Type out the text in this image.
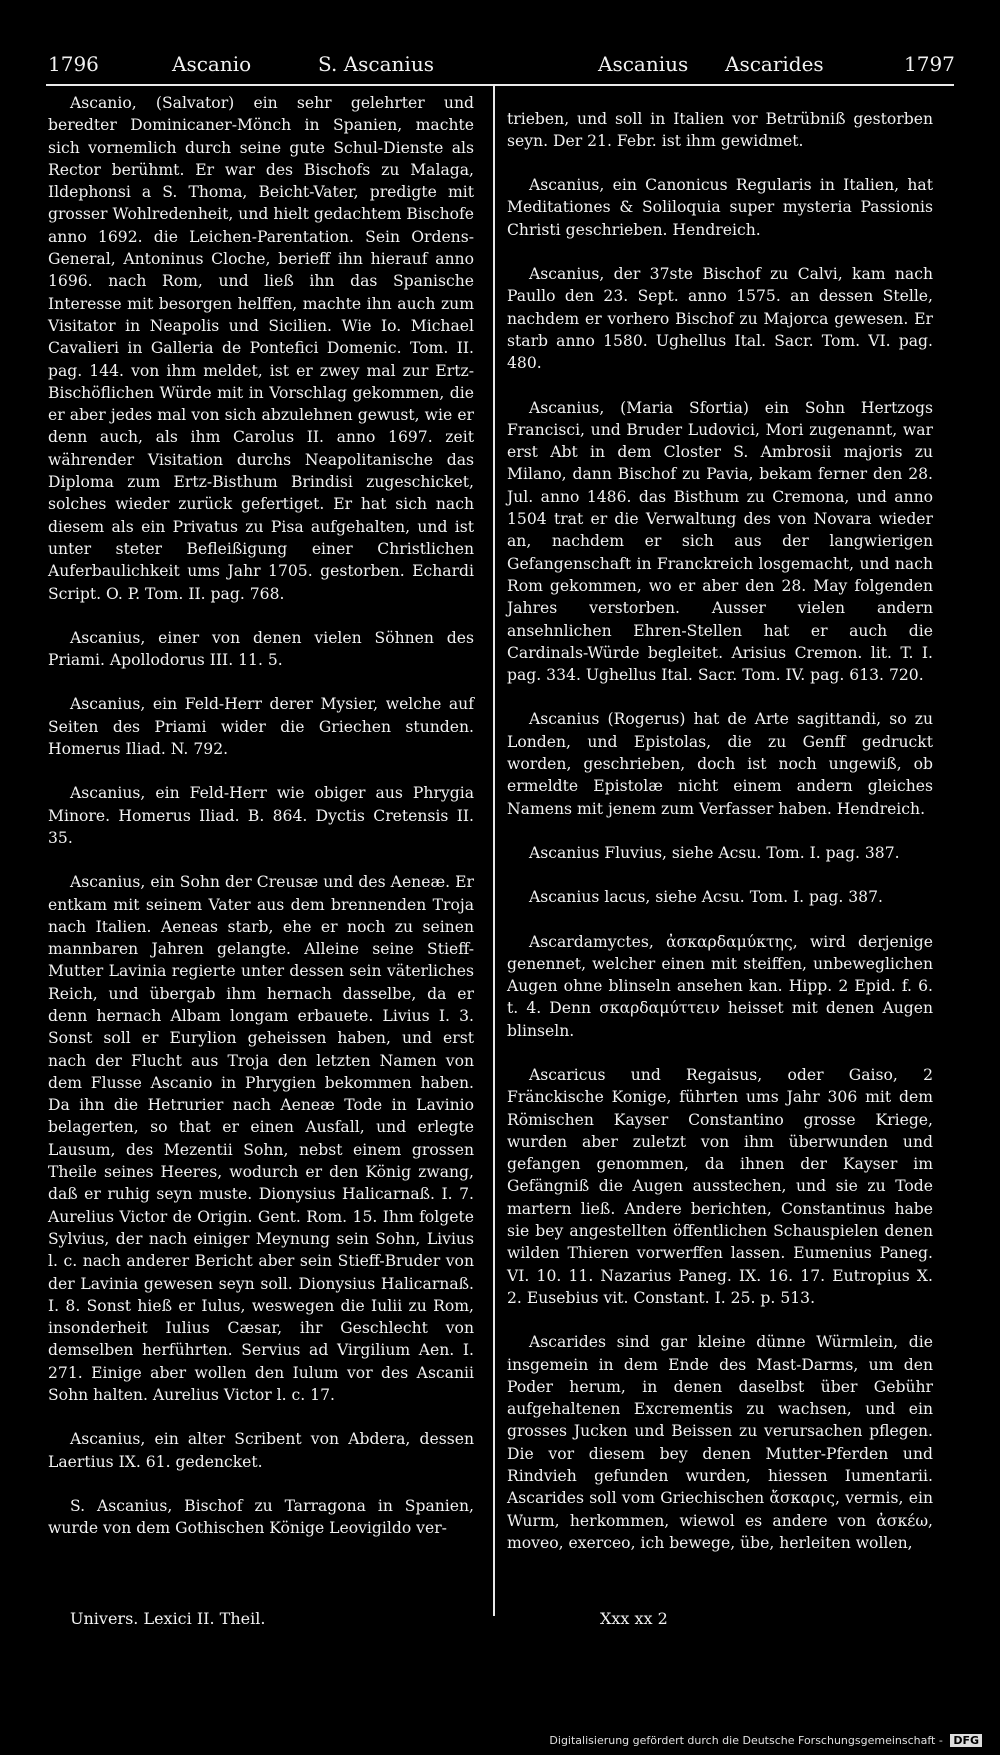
1796	Ascanio	S. Ascanius	Ascanius Ascarides	1797

Ascanio, (Salvator) ein sehr gelehrter und beredter Dominicaner-Mönch in Spanien, machte sich vornemlich durch seine gute Schul-Dienste als Rector berühmt. Er war des Bischofs zu Malaga, Ildephonsi a S. Thoma, Beicht-Vater, predigte mit grosser Wohlredenheit, und hielt gedachtem Bischofe anno 1692. die Leichen-Parentation. Sein Ordens-General, Antoninus Cloche, berieff ihn hierauf anno 1696. nach Rom, und ließ ihn das Spanische Interesse mit besorgen helffen, machte ihn auch zum Visitator in Neapolis und Sicilien. Wie Io. Michael Cavalieri in Galleria de Pontefici Domenic. Tom. II. pag. 144. von ihm meldet, ist er zwey mal zur Ertz-Bischöflichen Würde mit in Vorschlag gekommen, die er aber jedes mal von sich abzulehnen gewust, wie er denn auch, als ihm Carolus II. anno 1697. zeit währender Visitation durchs Neapolitanische das Diploma zum Ertz-Bisthum Brindisi zugeschicket, solches wieder zurück gefertiget. Er hat sich nach diesem als ein Privatus zu Pisa aufgehalten, und ist unter steter Befleißigung einer Christlichen Auferbaulichkeit ums Jahr 1705. gestorben. Echardi Script. O. P. Tom. II. pag. 768.

Ascanius, einer von denen vielen Söhnen des Priami. Apollodorus III. 11. 5.

Ascanius, ein Feld-Herr derer Mysier, welche auf Seiten des Priami wider die Griechen stunden. Homerus Iliad. N. 792.

Ascanius, ein Feld-Herr wie obiger aus Phrygia Minore. Homerus Iliad. B. 864. Dyctis Cretensis II. 35.

Ascanius, ein Sohn der Creusæ und des Aeneæ. Er entkam mit seinem Vater aus dem brennenden Troja nach Italien. Aeneas starb, ehe er noch zu seinen mannbaren Jahren gelangte. Alleine seine Stieff-Mutter Lavinia regierte unter dessen sein väterliches Reich, und übergab ihm hernach dasselbe, da er denn hernach Albam longam erbauete. Livius I. 3. Sonst soll er Eurylion geheissen haben, und erst nach der Flucht aus Troja den letzten Namen von dem Flusse Ascanio in Phrygien bekommen haben. Da ihn die Hetrurier nach Aeneæ Tode in Lavinio belagerten, so that er einen Ausfall, und erlegte Lausum, des Mezentii Sohn, nebst einem grossen Theile seines Heeres, wodurch er den König zwang, daß er ruhig seyn muste. Dionysius Halicarnaß. I. 7. Aurelius Victor de Origin. Gent. Rom. 15. Ihm folgete Sylvius, der nach einiger Meynung sein Sohn, Livius l. c. nach anderer Bericht aber sein Stieff-Bruder von der Lavinia gewesen seyn soll. Dionysius Halicarnaß. I. 8. Sonst hieß er Iulus, weswegen die Iulii zu Rom, insonderheit Iulius Cæsar, ihr Geschlecht von demselben herführten. Servius ad Virgilium Aen. I. 271. Einige aber wollen den Iulum vor des Ascanii Sohn halten. Aurelius Victor l. c. 17.

Ascanius, ein alter Scribent von Abdera, dessen Laertius IX. 61. gedencket.

S. Ascanius, Bischof zu Tarragona in Spanien, wurde von dem Gothischen Könige Leovigildo ver-

trieben, und soll in Italien vor Betrübniß gestorben seyn. Der 21. Febr. ist ihm gewidmet.

Ascanius, ein Canonicus Regularis in Italien, hat Meditationes & Soliloquia super mysteria Passionis Christi geschrieben. Hendreich.

Ascanius, der 37ste Bischof zu Calvi, kam nach Paullo den 23. Sept. anno 1575. an dessen Stelle, nachdem er vorhero Bischof zu Majorca gewesen. Er starb anno 1580. Ughellus Ital. Sacr. Tom. VI. pag. 480.

Ascanius, (Maria Sfortia) ein Sohn Hertzogs Francisci, und Bruder Ludovici, Mori zugenannt, war erst Abt in dem Closter S. Ambrosii majoris zu Milano, dann Bischof zu Pavia, bekam ferner den 28. Jul. anno 1486. das Bisthum zu Cremona, und anno 1504 trat er die Verwaltung des von Novara wieder an, nachdem er sich aus der langwierigen Gefangenschaft in Franckreich losgemacht, und nach Rom gekommen, wo er aber den 28. May folgenden Jahres verstorben. Ausser vielen andern ansehnlichen Ehren-Stellen hat er auch die Cardinals-Würde begleitet. Arisius Cremon. lit. T. I. pag. 334. Ughellus Ital. Sacr. Tom. IV. pag. 613. 720.

Ascanius (Rogerus) hat de Arte sagittandi, so zu Londen, und Epistolas, die zu Genff gedruckt worden, geschrieben, doch ist noch ungewiß, ob ermeldte Epistolæ nicht einem andern gleiches Namens mit jenem zum Verfasser haben. Hendreich.

Ascanius Fluvius, siehe Acsu. Tom. I. pag. 387.

Ascanius lacus, siehe Acsu. Tom. I. pag. 387.

Ascardamyctes, ἀσκαρδαμύκτης, wird derjenige genennet, welcher einen mit steiffen, unbeweglichen Augen ohne blinseln ansehen kan. Hipp. 2 Epid. f. 6. t. 4. Denn σκαρδαμύττειν heisset mit denen Augen blinseln.

Ascaricus und Regaisus, oder Gaiso, 2 Fränckische Konige, führten ums Jahr 306 mit dem Römischen Kayser Constantino grosse Kriege, wurden aber zuletzt von ihm überwunden und gefangen genommen, da ihnen der Kayser im Gefängniß die Augen ausstechen, und sie zu Tode martern ließ. Andere berichten, Constantinus habe sie bey angestellten öffentlichen Schauspielen denen wilden Thieren vorwerffen lassen. Eumenius Paneg. VI. 10. 11. Nazarius Paneg. IX. 16. 17. Eutropius X. 2. Eusebius vit. Constant. I. 25. p. 513.

Ascarides sind gar kleine dünne Würmlein, die insgemein in dem Ende des Mast-Darms, um den Poder herum, in denen daselbst über Gebühr aufgehaltenen Excrementis zu wachsen, und ein grosses Jucken und Beissen zu verursachen pflegen. Die vor diesem bey denen Mutter-Pferden und Rindvieh gefunden wurden, hiessen Iumentarii. Ascarides soll vom Griechischen ἄσκαρις, vermis, ein Wurm, herkommen, wiewol es andere von ἀσκέω, moveo, exerceo, ich bewege, übe, herleiten wollen,

Univers. Lexici II. Theil.	Xxx xx 2
Digitalisierung gefördert durch die Deutsche Forschungsgemeinschaft - DFG
